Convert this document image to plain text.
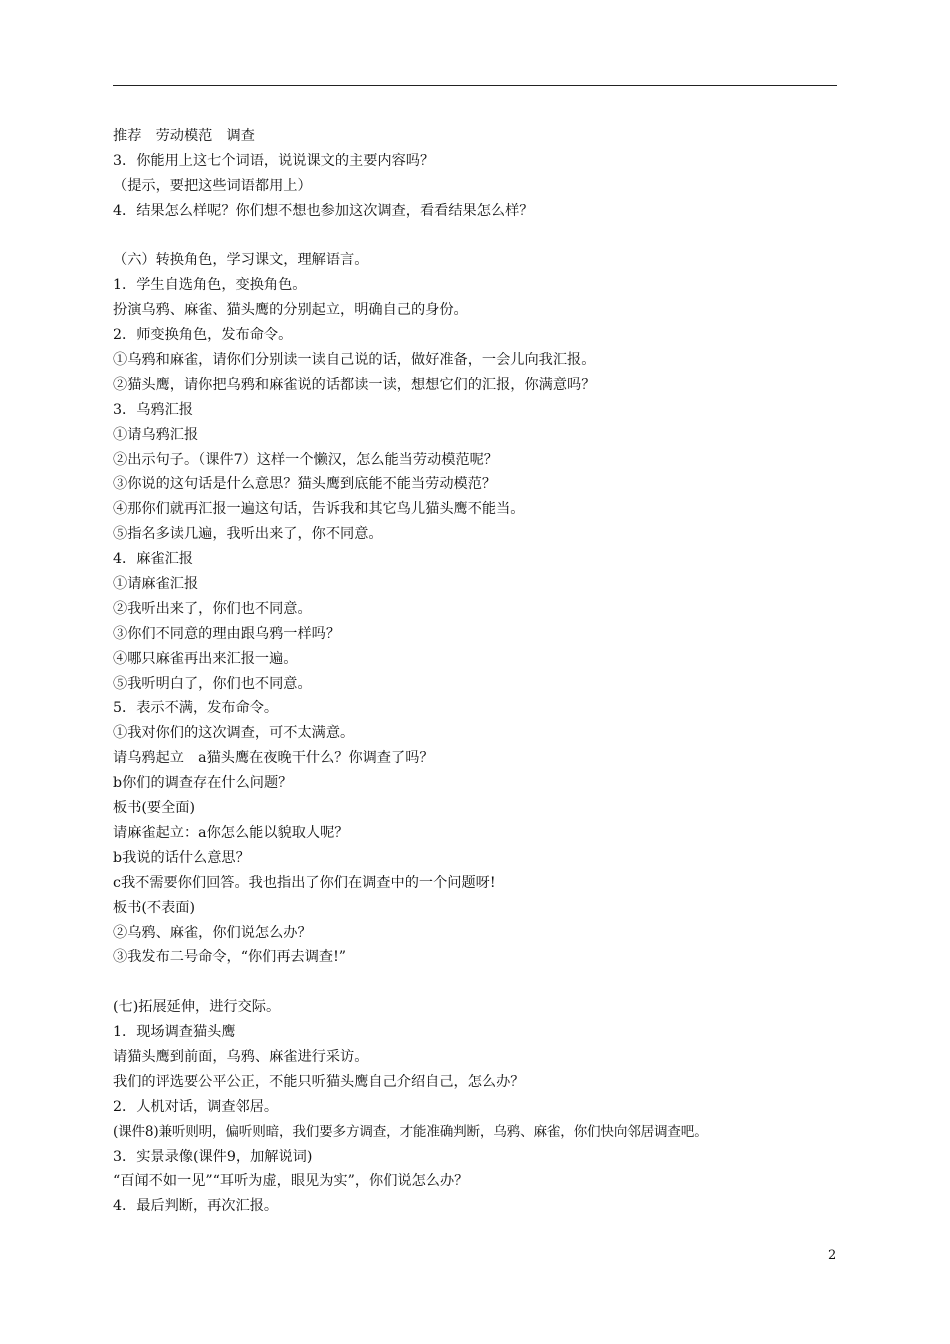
推荐　劳动模范　调查
3．你能用上这七个词语，说说课文的主要内容吗？
（提示，要把这些词语都用上）
4．结果怎么样呢？你们想不想也参加这次调查，看看结果怎么样？
（六）转换角色，学习课文，理解语言。
1．学生自选角色，变换角色。
扮演乌鸦、麻雀、猫头鹰的分别起立，明确自己的身份。
2．师变换角色，发布命令。
①乌鸦和麻雀，请你们分别读一读自己说的话，做好准备，一会儿向我汇报。
②猫头鹰，请你把乌鸦和麻雀说的话都读一读，想想它们的汇报，你满意吗？
3．乌鸦汇报
①请乌鸦汇报
②出示句子。（课件7）这样一个懒汉，怎么能当劳动模范呢？
③你说的这句话是什么意思？猫头鹰到底能不能当劳动模范？
④那你们就再汇报一遍这句话，告诉我和其它鸟儿猫头鹰不能当。
⑤指名多读几遍，我听出来了，你不同意。
4．麻雀汇报
①请麻雀汇报
②我听出来了，你们也不同意。
③你们不同意的理由跟乌鸦一样吗？
④哪只麻雀再出来汇报一遍。
⑤我听明白了，你们也不同意。
5．表示不满，发布命令。
①我对你们的这次调查，可不太满意。
请乌鸦起立　a猫头鹰在夜晚干什么？你调查了吗？
b你们的调查存在什么问题？
板书(要全面)
请麻雀起立：a你怎么能以貌取人呢？
b我说的话什么意思？
c我不需要你们回答。我也指出了你们在调查中的一个问题呀!
板书(不表面)
②乌鸦、麻雀，你们说怎么办？
③我发布二号命令，“你们再去调查!”
(七)拓展延伸，进行交际。
1．现场调查猫头鹰
请猫头鹰到前面，乌鸦、麻雀进行采访。
我们的评选要公平公正，不能只听猫头鹰自己介绍自己，怎么办？
2．人机对话，调查邻居。
(课件8)兼听则明，偏听则暗，我们要多方调查，才能准确判断，乌鸦、麻雀，你们快向邻居调查吧。
3．实景录像(课件9，加解说词)
“百闻不如一见”“耳听为虚，眼见为实”，你们说怎么办？
4．最后判断，再次汇报。
2
